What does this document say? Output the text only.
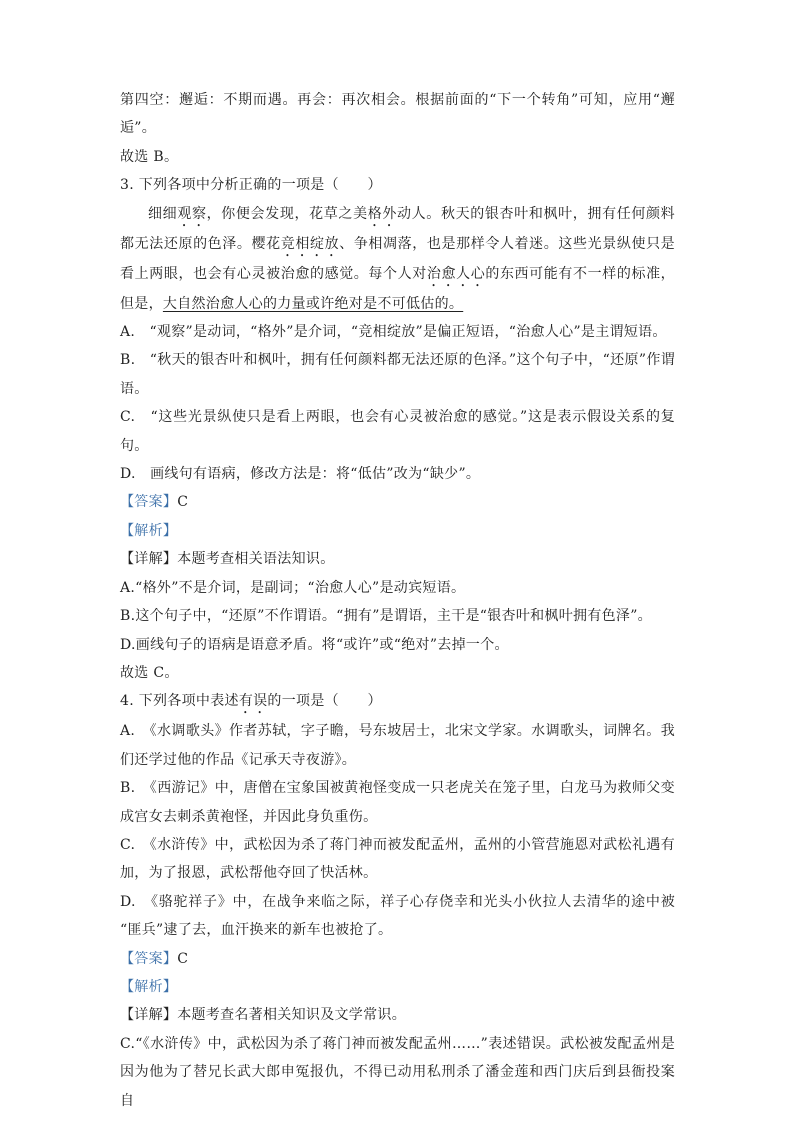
第四空：邂逅：不期而遇。再会：再次相会。根据前面的“下一个转角”可知，应用“邂逅”。

故选 B。

3. 下列各项中分析正确的一项是（　　）

细细观察，你便会发现，花草之美格外动人。秋天的银杏叶和枫叶，拥有任何颜料都无法还原的色泽。樱花竞相绽放、争相凋落，也是那样令人着迷。这些光景纵使只是看上两眼，也会有心灵被治愈的感觉。每个人对治愈人心的东西可能有不一样的标准，但是，大自然治愈人心的力量或许绝对是不可低估的。

A.　“观察”是动词，“格外”是介词，“竞相绽放”是偏正短语，“治愈人心”是主谓短语。

B.　“秋天的银杏叶和枫叶，拥有任何颜料都无法还原的色泽。”这个句子中，“还原”作谓语。

C.　“这些光景纵使只是看上两眼，也会有心灵被治愈的感觉。”这是表示假设关系的复句。

D.　画线句有语病，修改方法是：将“低估”改为“缺少”。

【答案】C

【解析】

【详解】本题考查相关语法知识。

A.“格外”不是介词，是副词；“治愈人心”是动宾短语。

B.这个句子中，“还原”不作谓语。“拥有”是谓语，主干是“银杏叶和枫叶拥有色泽”。

D.画线句子的语病是语意矛盾。将“或许”或“绝对”去掉一个。

故选 C。

4. 下列各项中表述有误的一项是（　　）

A.　《水调歌头》作者苏轼，字子瞻，号东坡居士，北宋文学家。水调歌头，词牌名。我们还学过他的作品《记承天寺夜游》。

B.　《西游记》中，唐僧在宝象国被黄袍怪变成一只老虎关在笼子里，白龙马为救师父变成宫女去刺杀黄袍怪，并因此身负重伤。

C.　《水浒传》中，武松因为杀了蒋门神而被发配孟州，孟州的小管营施恩对武松礼遇有加，为了报恩，武松帮他夺回了快活林。

D.　《骆驼祥子》中，在战争来临之际，祥子心存侥幸和光头小伙拉人去清华的途中被“匪兵”逮了去，血汗换来的新车也被抢了。

【答案】C

【解析】

【详解】本题考查名著相关知识及文学常识。

C.“《水浒传》中，武松因为杀了蒋门神而被发配孟州……”表述错误。武松被发配孟州是因为他为了替兄长武大郎申冤报仇，不得已动用私刑杀了潘金莲和西门庆后到县衙投案自
